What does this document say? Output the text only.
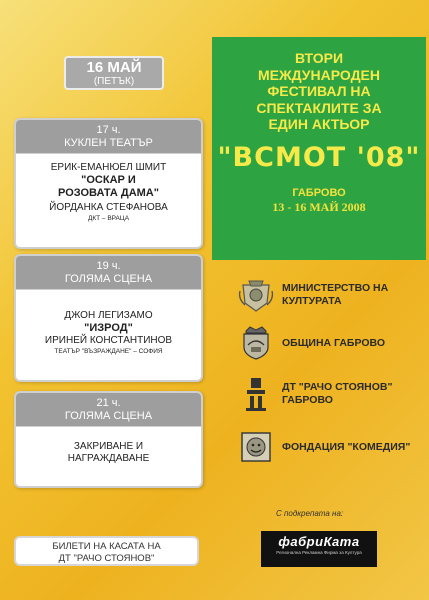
16 МАЙ
(ПЕТЪК)
17 ч.
КУКЛЕН ТЕАТЪР
ЕРИК-ЕМАНЮЕЛ ШМИТ
"ОСКАР И
РОЗОВАТА ДАМА"
ЙОРДАНКА СТЕФАНОВА
ДКТ – ВРАЦА
19 ч.
ГОЛЯМА СЦЕНА
ДЖОН ЛЕГИЗАМО
"ИЗРОД"
ИРИНЕЙ КОНСТАНТИНОВ
ТЕАТЪР "ВЪЗРАЖДАНЕ" – СОФИЯ
21 ч.
ГОЛЯМА СЦЕНА
ЗАКРИВАНЕ И
НАГРАЖДАВАНЕ
БИЛЕТИ НА КАСАТА НА
ДТ "РАЧО СТОЯНОВ"
ВТОРИ
МЕЖДУНАРОДЕН
ФЕСТИВАЛ НА
СПЕКТАКЛИТЕ ЗА
ЕДИН АКТЬОР
"ВСМОТ '08"
ГАБРОВО
13 - 16 МАЙ 2008
МИНИСТЕРСТВО НА
КУЛТУРАТА
ОБЩИНА ГАБРОВО
ДТ "РАЧО СТОЯНОВ"
ГАБРОВО
ФОНДАЦИЯ "КОМЕДИЯ"
С подкрепата на:
фабриКата
Регионална Рекламна Фирма за Култура
